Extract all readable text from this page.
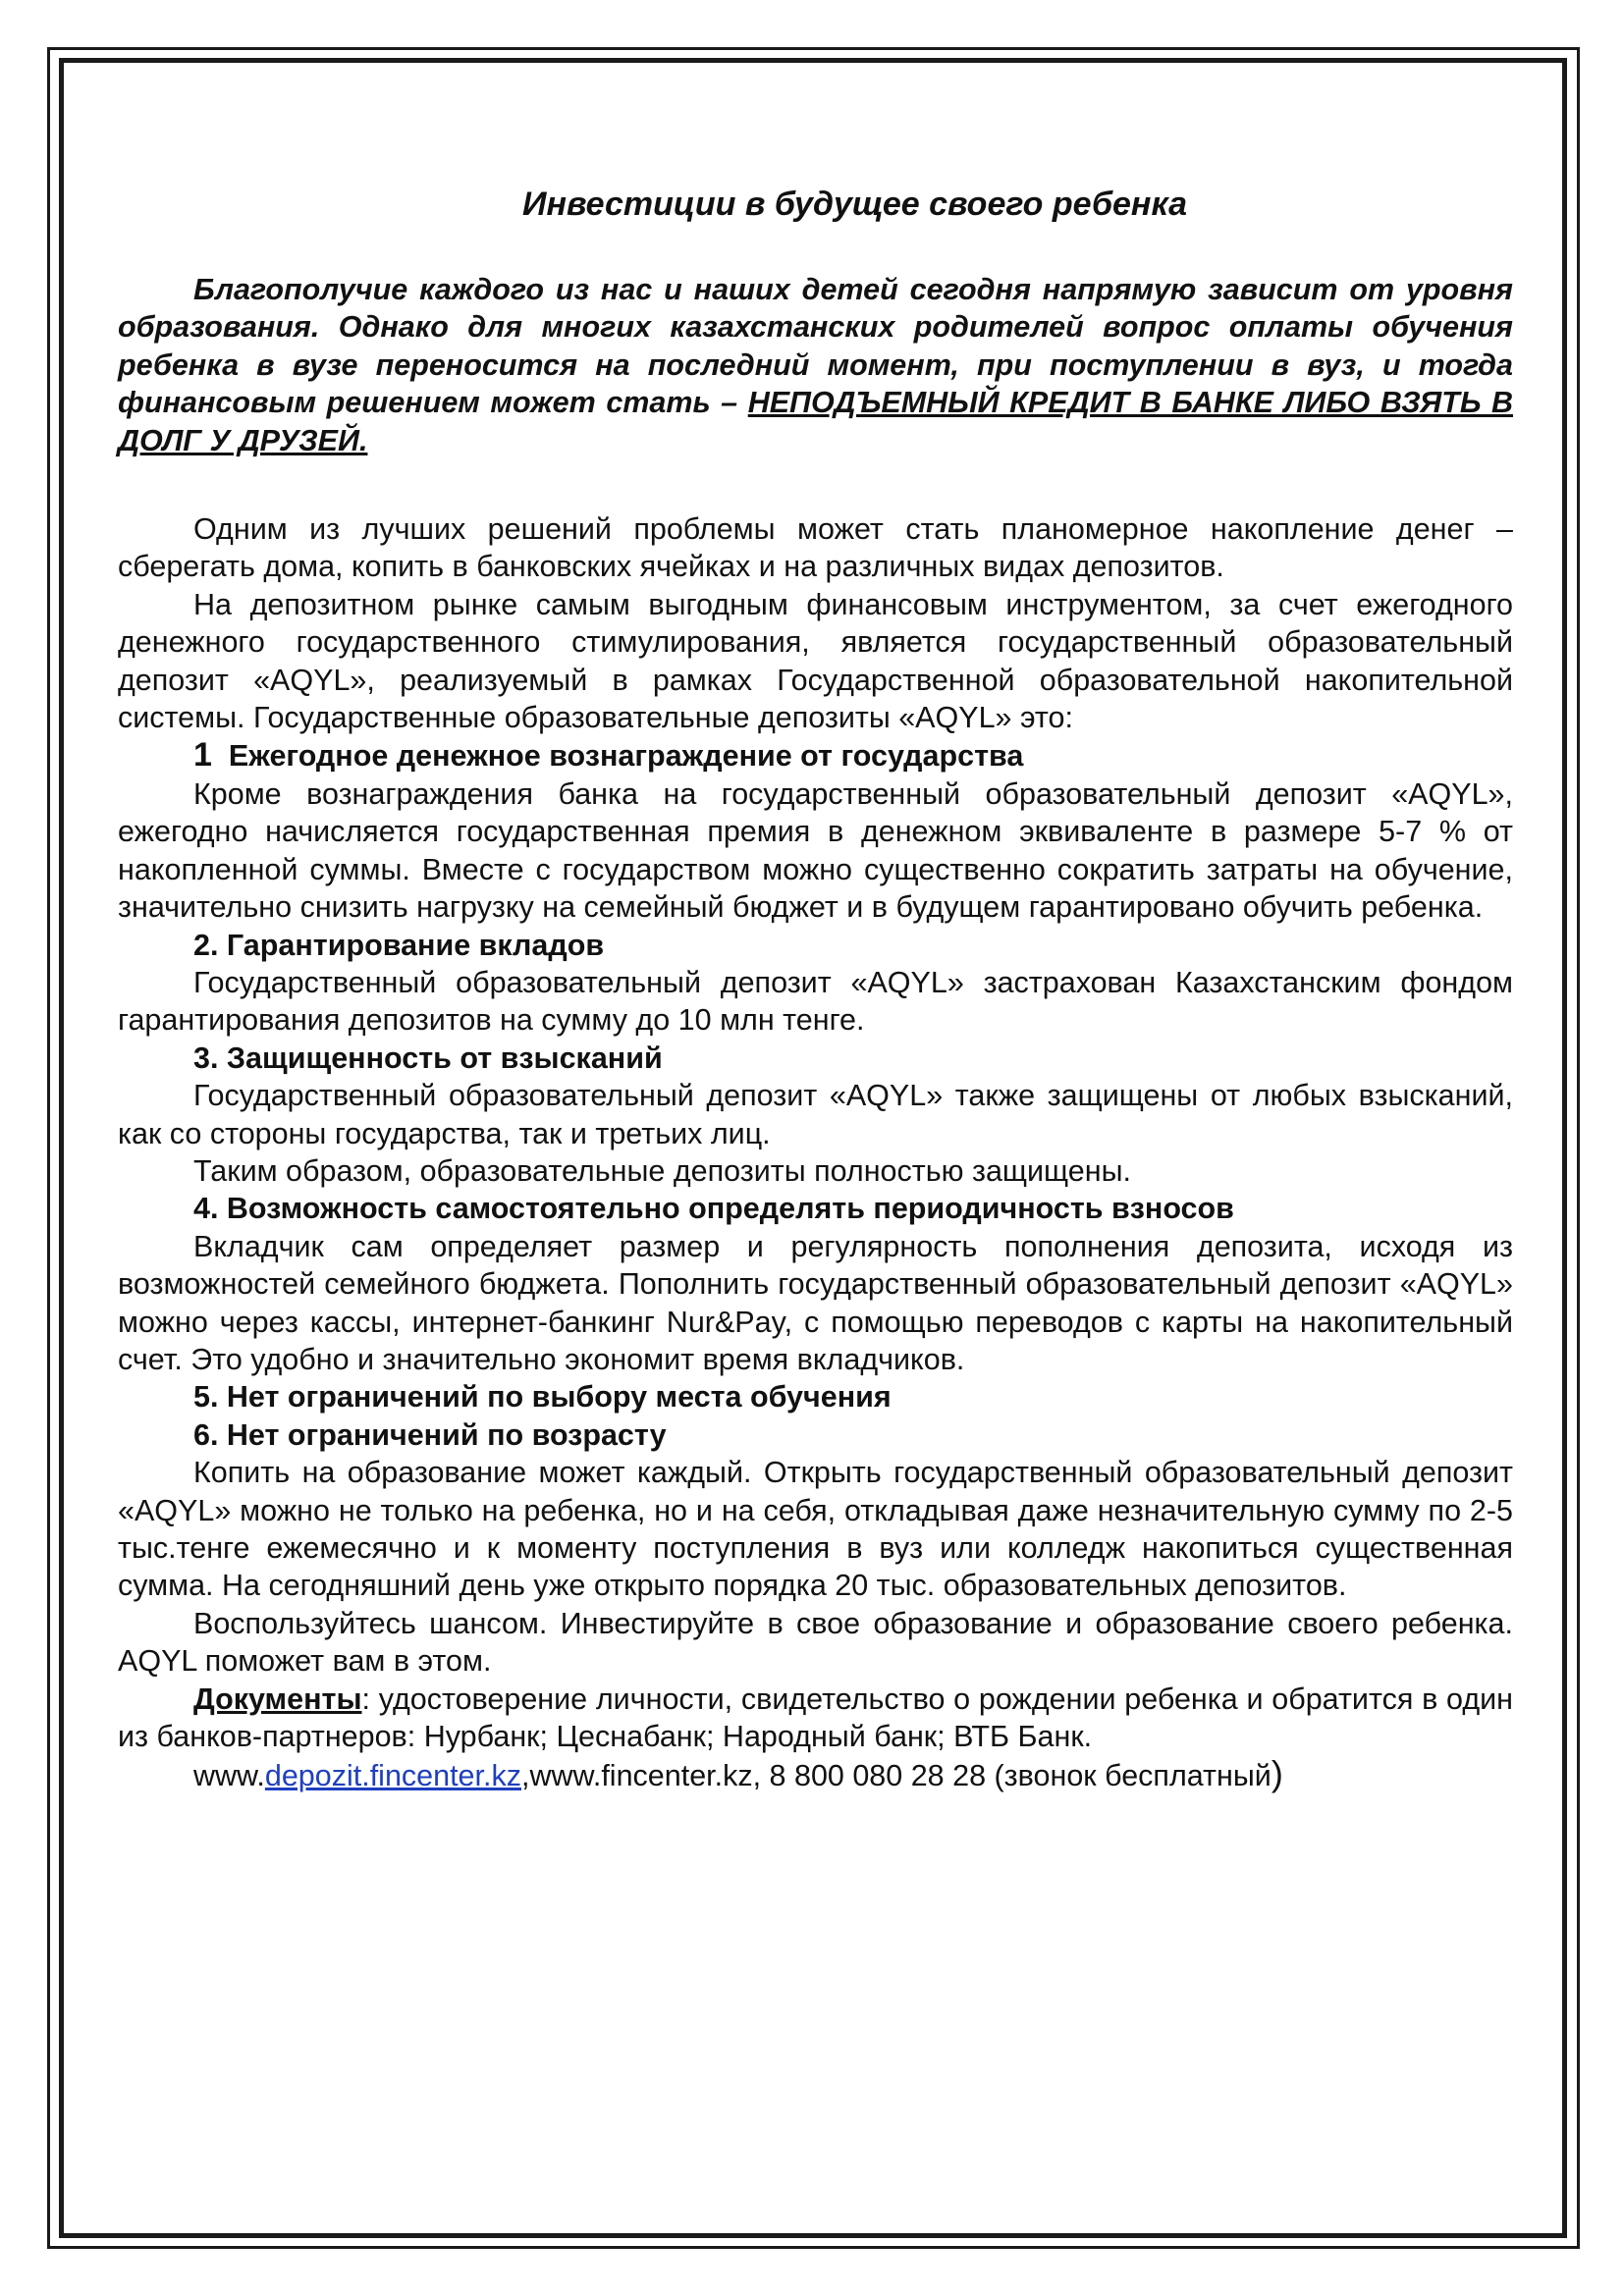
Инвестиции в будущее своего ребенка

Благополучие каждого из нас и наших детей сегодня напрямую зависит от уровня образования. Однако для многих казахстанских родителей вопрос оплаты обучения ребенка в вузе переносится на последний момент, при поступлении в вуз, и тогда финансовым решением может стать – НЕПОДЪЕМНЫЙ КРЕДИТ В БАНКЕ ЛИБО ВЗЯТЬ В ДОЛГ У ДРУЗЕЙ.

Одним из лучших решений проблемы может стать планомерное накопление денег – сберегать дома, копить в банковских ячейках и на различных видах депозитов.

На депозитном рынке самым выгодным финансовым инструментом, за счет ежегодного денежного государственного стимулирования, является государственный образовательный депозит «AQYL», реализуемый в рамках Государственной образовательной накопительной системы. Государственные образовательные депозиты «AQYL» это:

1 Ежегодное денежное вознаграждение от государства

Кроме вознаграждения банка на государственный образовательный депозит «AQYL», ежегодно начисляется государственная премия в денежном эквиваленте в размере 5-7 % от накопленной суммы. Вместе с государством можно существенно сократить затраты на обучение, значительно снизить нагрузку на семейный бюджет и в будущем гарантировано обучить ребенка.

2. Гарантирование вкладов

Государственный образовательный депозит «AQYL» застрахован Казахстанским фондом гарантирования депозитов на сумму до 10 млн тенге.

3. Защищенность от взысканий

Государственный образовательный депозит «AQYL» также защищены от любых взысканий, как со стороны государства, так и третьих лиц.

Таким образом, образовательные депозиты полностью защищены.

4. Возможность самостоятельно определять периодичность взносов

Вкладчик сам определяет размер и регулярность пополнения депозита, исходя из возможностей семейного бюджета. Пополнить государственный образовательный депозит «AQYL» можно через кассы, интернет-банкинг Nur&Pay, с помощью переводов с карты на накопительный счет. Это удобно и значительно экономит время вкладчиков.

5. Нет ограничений по выбору места обучения

6. Нет ограничений по возрасту

Копить на образование может каждый. Открыть государственный образовательный депозит «AQYL» можно не только на ребенка, но и на себя, откладывая даже незначительную сумму по 2-5 тыс.тенге ежемесячно и к моменту поступления в вуз или колледж накопиться существенная сумма. На сегодняшний день уже открыто порядка 20 тыс. образовательных депозитов.

Воспользуйтесь шансом. Инвестируйте в свое образование и образование своего ребенка. AQYL поможет вам в этом.

Документы: удостоверение личности, свидетельство о рождении ребенка и обратится в один из банков-партнеров: Нурбанк; Цеснабанк; Народный банк; ВТБ Банк.

www.depozit.fincenter.kz,www.fincenter.kz, 8 800 080 28 28 (звонок бесплатный)
